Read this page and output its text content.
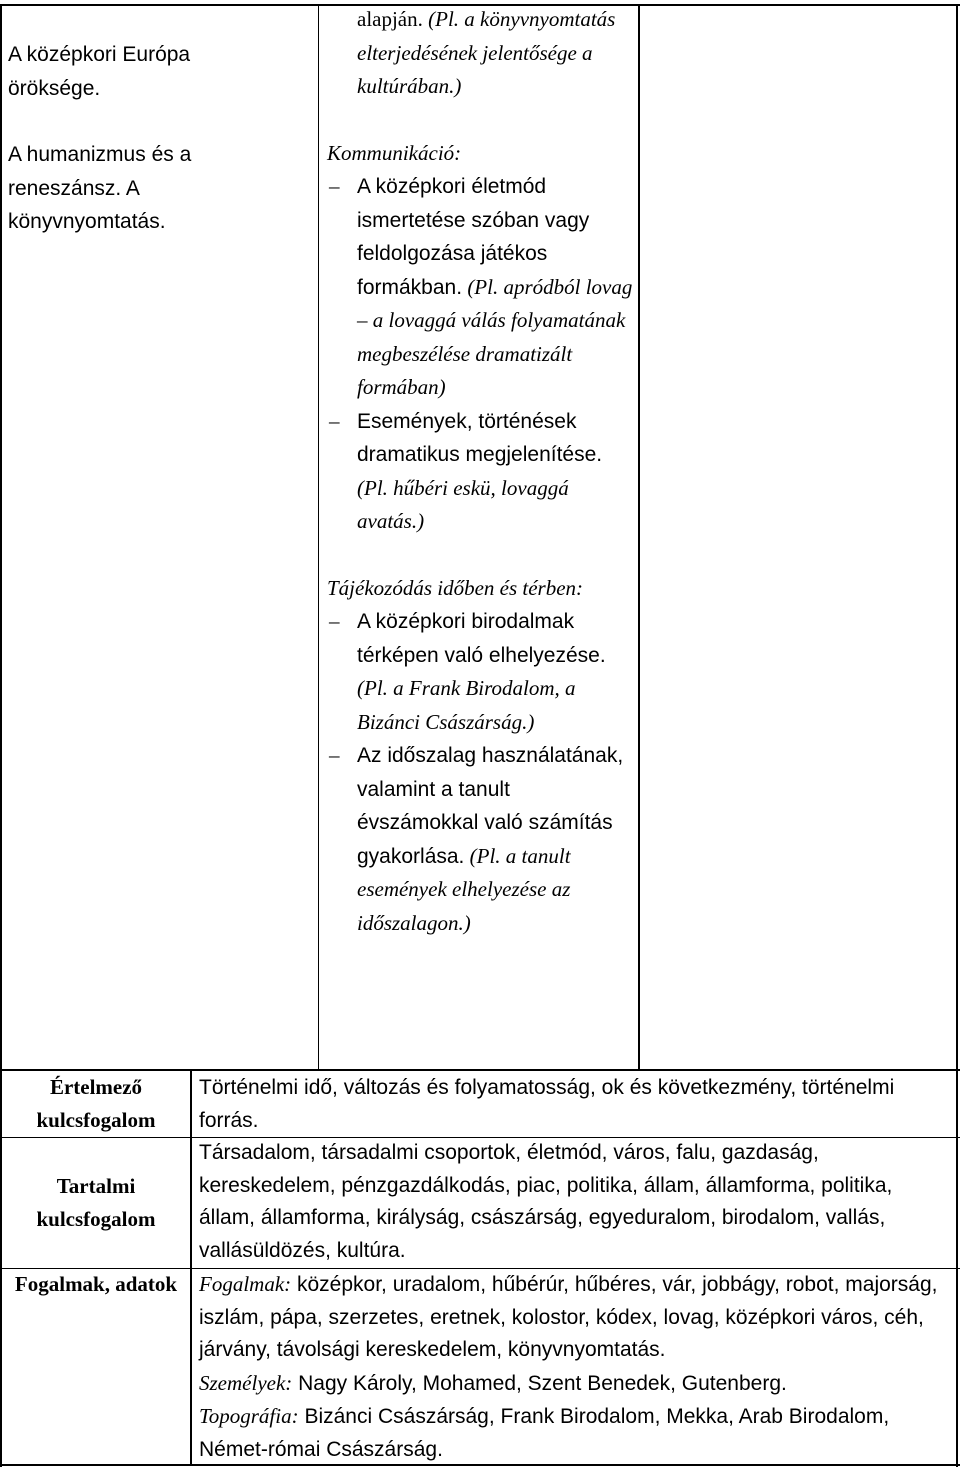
A középkori Európa öröksége.
A humanizmus és a reneszánsz. A könyvnyomtatás.
alapján. (Pl. a könyvnyomtatás elterjedésének jelentősége a kultúrában.)
Kommunikáció:
– A középkori életmód ismertetése szóban vagy feldolgozása játékos formákban. (Pl. apródból lovag – a lovaggá válás folyamatának megbeszélése dramatizált formában)
– Események, történések dramatikus megjelenítése. (Pl. hűbéri eskü, lovaggá avatás.)
Tájékozódás időben és térben:
– A középkori birodalmak térképen való elhelyezése. (Pl. a Frank Birodalom, a Bizánci Császárság.)
– Az időszalag használatának, valamint a tanult évszámokkal való számítás gyakorlása. (Pl. a tanult események elhelyezése az időszalagon.)
Értelmező kulcsfogalom
Történelmi idő, változás és folyamatosság, ok és következmény, történelmi forrás.
Tartalmi kulcsfogalom
Társadalom, társadalmi csoportok, életmód, város, falu, gazdaság, kereskedelem, pénzgazdálkodás, piac, politika, állam, államforma, politika, állam, államforma, királyság, császárság, egyeduralom, birodalom, vallás, vallásüldözés, kultúra.
Fogalmak, adatok	Fogalmak: középkor, uradalom, hűbérúr, hűbéres, vár, jobbágy, robot, majorság, iszlám, pápa, szerzetes, eretnek, kolostor, kódex, lovag, középkori város, céh, járvány, távolsági kereskedelem, könyvnyomtatás.
Személyek: Nagy Károly, Mohamed, Szent Benedek, Gutenberg.
Topográfia: Bizánci Császárság, Frank Birodalom, Mekka, Arab Birodalom, Német-római Császárság.
